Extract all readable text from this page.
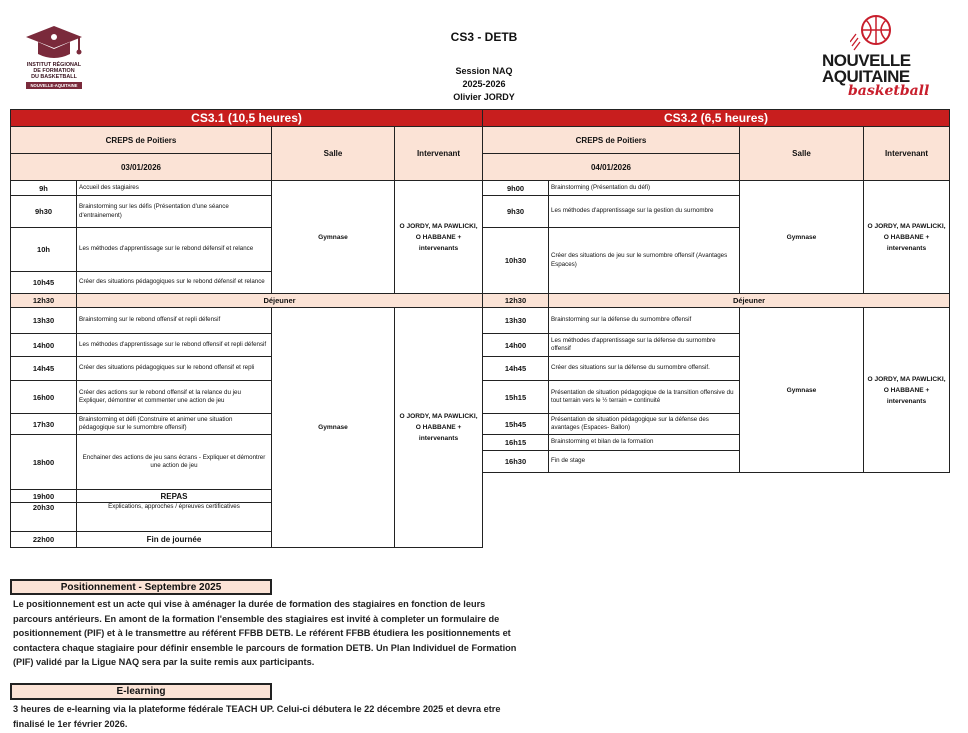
CS3 - DETB
Session NAQ
2025-2026
Olivier JORDY
INSTITUT RÉGIONAL
DE FORMATION
DU BASKETBALL
NOUVELLE-AQUITAINE
NOUVELLE
AQUITAINE
basketball
CS3.1 (10,5 heures)			
CREPS de Poitiers		Salle	Intervenant
03/01/2026			
9h	Accueil des stagiaires	Gymnase	O JORDY, MA PAWLICKI,
O HABBANE +
intervenants

9h30	Brainstorming sur les défis (Présentation d'une séance d'entrainement)		
10h	Les méthodes d'apprentissage sur le rebond défensif et relance		
10h45	Créer des situations pédagogiques sur le rebond défensif et relance		
12h30	Déjeuner		
13h30	Brainstorming sur le rebond offensif et repli défensif	Gymnase	O JORDY, MA PAWLICKI,
O HABBANE +
intervenants

14h00	Les méthodes d'apprentissage sur le rebond offensif et repli défensif		
14h45	Créer des situations pédagogiques sur le rebond offensif et repli		
16h00	Créer des actions sur le rebond offensif et la relance du jeu Expliquer, démontrer et commenter une action de jeu		
17h30	Brainstorming et défi (Construire et animer une situation pédagogique sur le surnombre offensif)		
18h00	Enchainer des actions de jeu sans écrans - Expliquer et démontrer une action de jeu		
19h00	REPAS		
20h30	Explications, approches / épreuves certificatives		
22h00	Fin de journée		
CS3.2 (6,5 heures)			
CREPS de Poitiers		Salle	Intervenant
04/01/2026			
9h00	Brainstorming (Présentation du défi)	Gymnase	O JORDY, MA PAWLICKI,
O HABBANE +
intervenants

9h30	Les méthodes d'apprentissage sur la gestion du surnombre		
10h30	Créer des situations de jeu sur le surnombre offensif (Avantages Espaces)		
12h30	Déjeuner		
13h30	Brainstorming sur la défense du surnombre offensif	Gymnase	O JORDY, MA PAWLICKI,
O HABBANE +
intervenants

14h00	Les méthodes d'apprentissage sur la défense du surnombre offensif		
14h45	Créer des situations sur la défense du surnombre offensif.		
15h15	Présentation de situation pédagogique de la transition offensive du tout terrain vers le ½ terrain = continuité		
15h45	Présentation de situation pédagogique sur la défense des avantages (Espaces- Ballon)		
16h15	Brainstorming et bilan de la formation		
16h30	Fin de stage		
Positionnement - Septembre 2025
Le positionnement est un acte qui vise à aménager la durée de formation des stagiaires en fonction de leurs
parcours antérieurs. En amont de la formation l'ensemble des stagiaires est invité à completer un formulaire de
positionnement (PIF) et à le transmettre au référent FFBB DETB. Le référent FFBB étudiera les positionnements et
contactera chaque stagiaire pour définir ensemble le parcours de formation DETB. Un Plan Individuel de Formation
(PIF) validé par la Ligue NAQ sera par la suite remis aux participants.
E-learning
3 heures de e-learning via la plateforme fédérale TEACH UP. Celui-ci débutera le 22 décembre 2025 et devra etre
finalisé le 1er février 2026.
